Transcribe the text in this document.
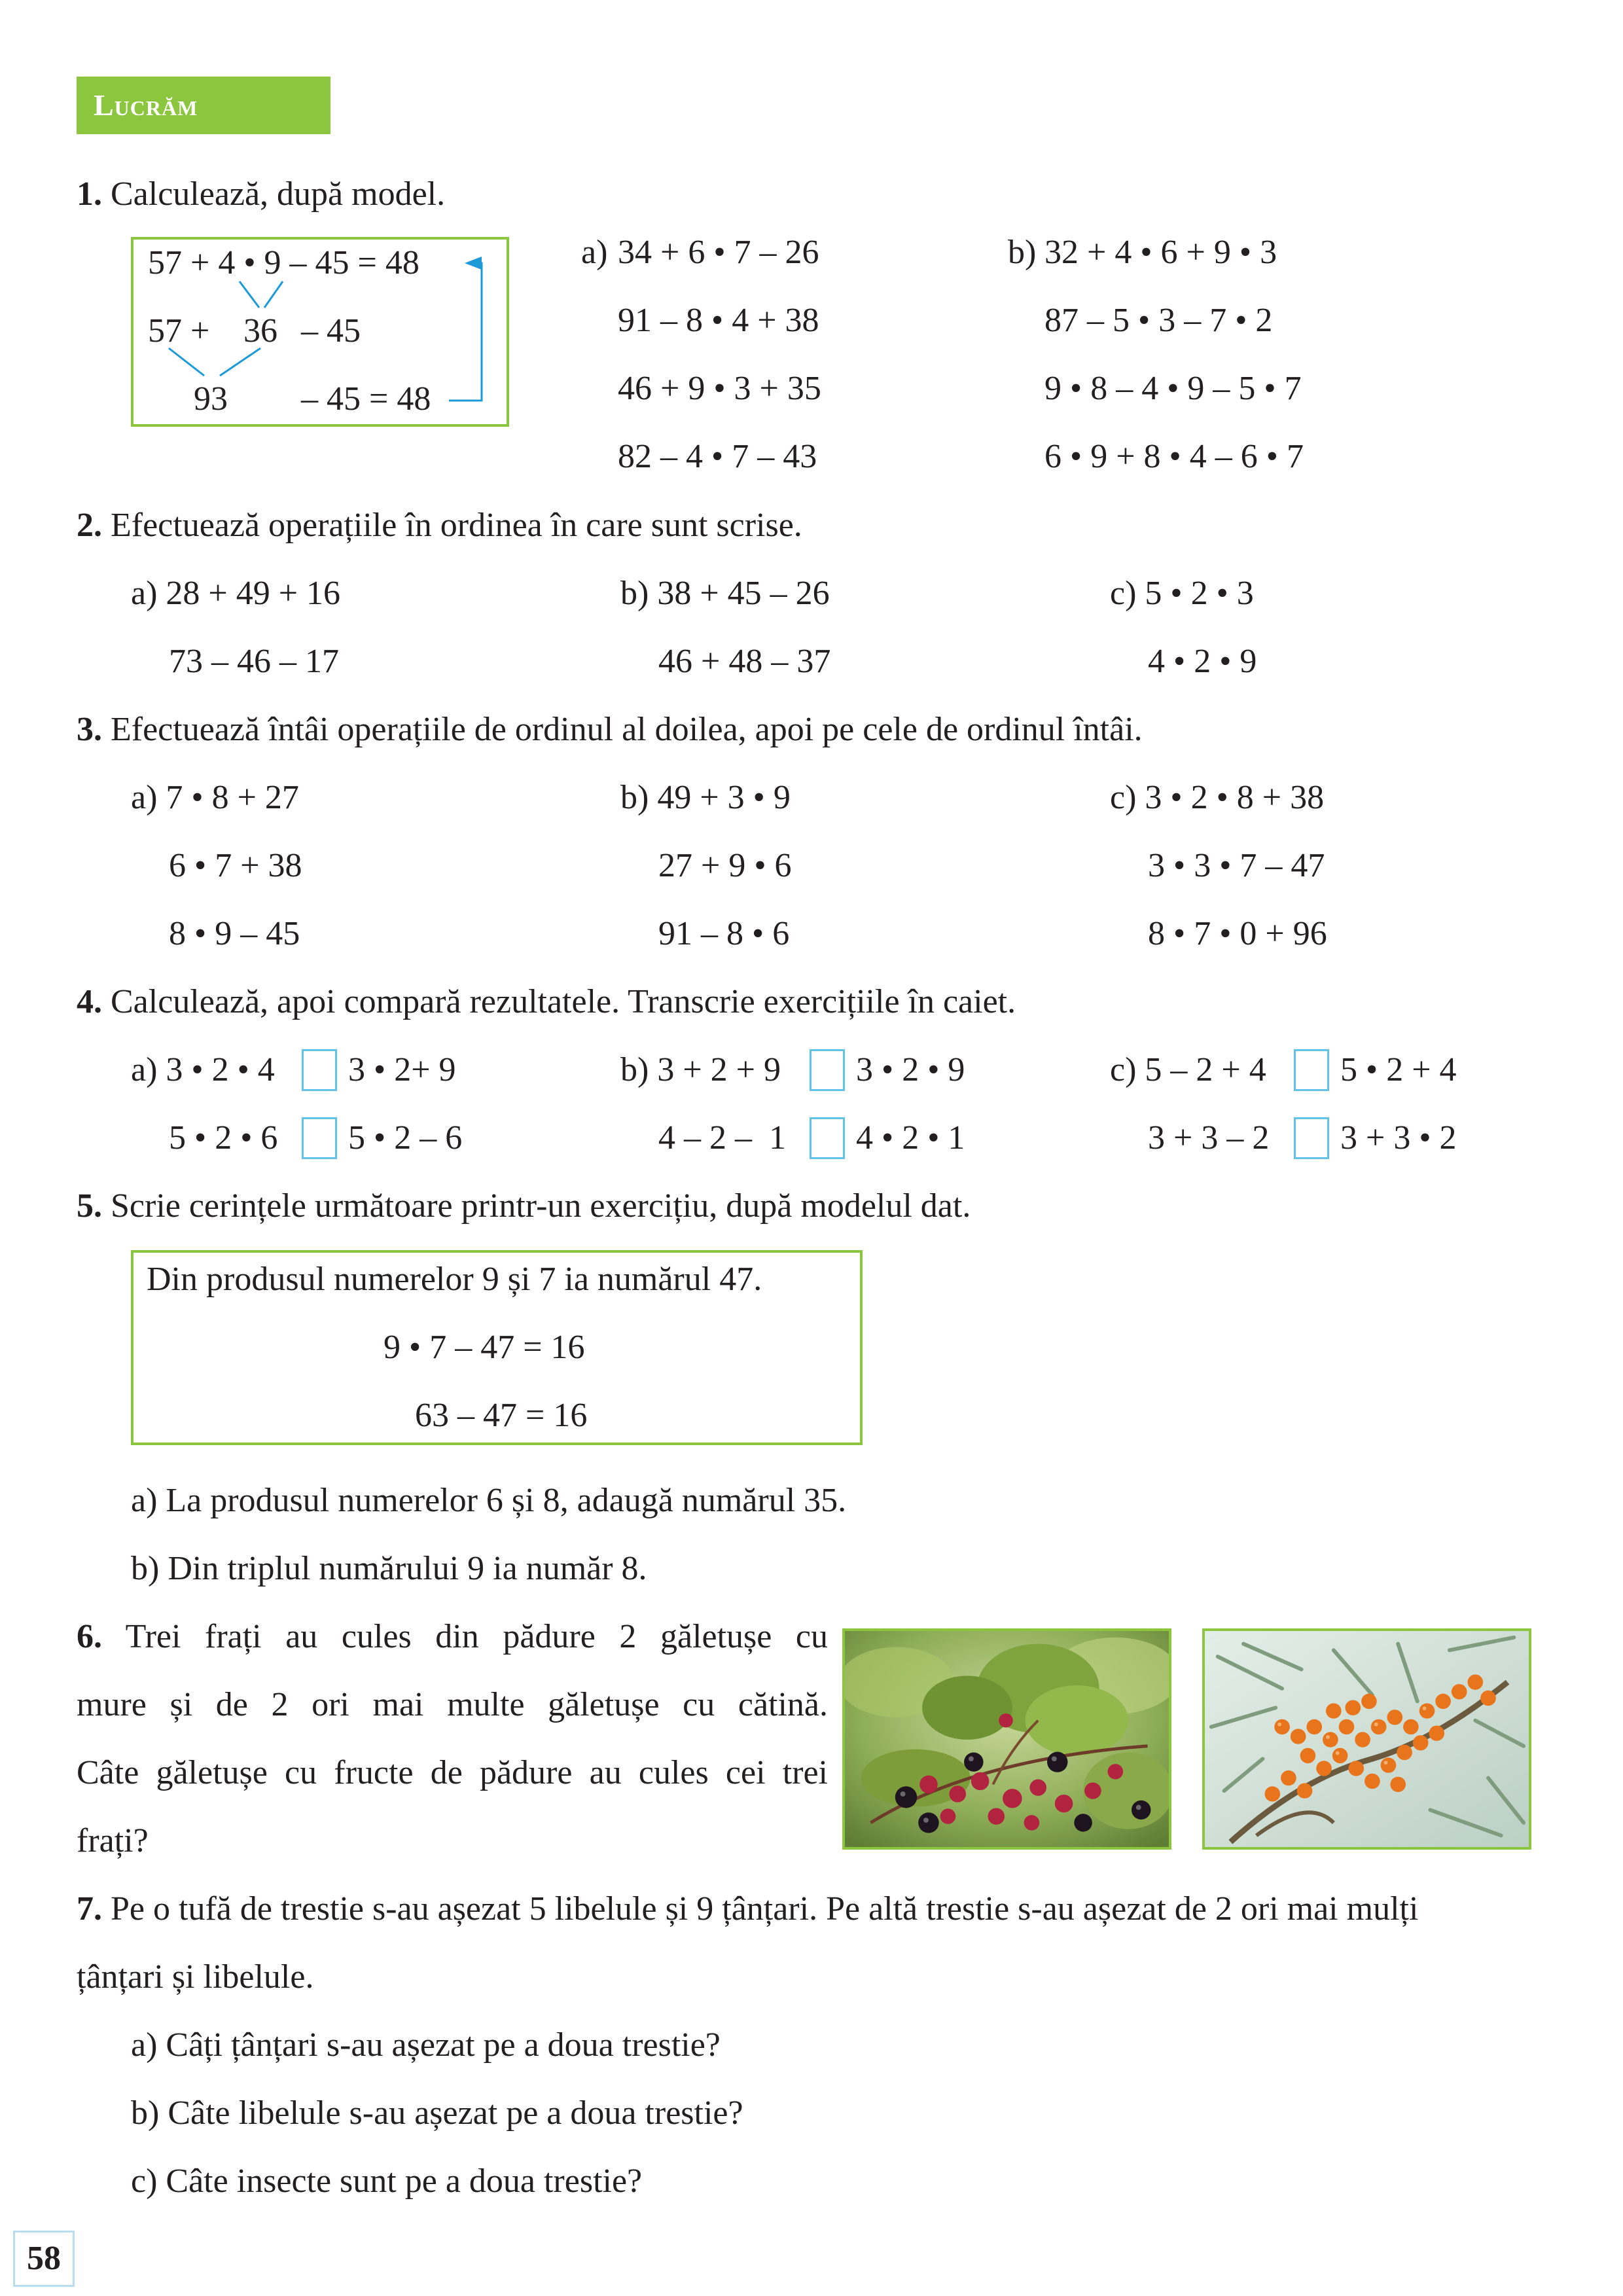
Lucrăm
1. Calculează, după model.
57 + 4 • 9 – 45 = 48
57 + 36 – 45
93 – 45 = 48
a) 34 + 6 • 7 – 26
91 – 8 • 4 + 38
46 + 9 • 3 + 35
82 – 4 • 7 – 43
b) 32 + 4 • 6 + 9 • 3
87 – 5 • 3 – 7 • 2
9 • 8 – 4 • 9 – 5 • 7
6 • 9 + 8 • 4 – 6 • 7
2. Efectuează operațiile în ordinea în care sunt scrise.
a) 28 + 49 + 16
73 – 46 – 17
b) 38 + 45 – 26
46 + 48 – 37
c) 5 • 2 • 3
4 • 2 • 9
3. Efectuează întâi operațiile de ordinul al doilea, apoi pe cele de ordinul întâi.
a) 7 • 8 + 27
6 • 7 + 38
8 • 9 – 45
b) 49 + 3 • 9
27 + 9 • 6
91 – 8 • 6
c) 3 • 2 • 8 + 38
3 • 3 • 7 – 47
8 • 7 • 0 + 96
4. Calculează, apoi compară rezultatele. Transcrie exercițiile în caiet.
a) 3 • 2 • 4 3 • 2+ 9
5 • 2 • 6 5 • 2 – 6
b) 3 + 2 + 9 3 • 2 • 9
4 – 2 –  1 4 • 2 • 1
c) 5 – 2 + 4 5 • 2 + 4
3 + 3 – 2 3 + 3 • 2
5. Scrie cerințele următoare printr-un exercițiu, după modelul dat.
Din produsul numerelor 9 și 7 ia numărul 47.
9 • 7 – 47 = 16
63 – 47 = 16
a) La produsul numerelor 6 și 8, adaugă numărul 35.
b) Din triplul numărului 9 ia număr 8.
6. Trei frați au cules din pădure 2 găletușe cu
mure și de 2 ori mai multe găletușe cu cătină.
Câte găletușe cu fructe de pădure au cules cei trei
frați?
7. Pe o tufă de trestie s-au așezat 5 libelule și 9 țânțari. Pe altă trestie s-au așezat de 2 ori mai mulți
țânțari și libelule.
a) Câți țânțari s-au așezat pe a doua trestie?
b) Câte libelule s-au așezat pe a doua trestie?
c) Câte insecte sunt pe a doua trestie?
58
